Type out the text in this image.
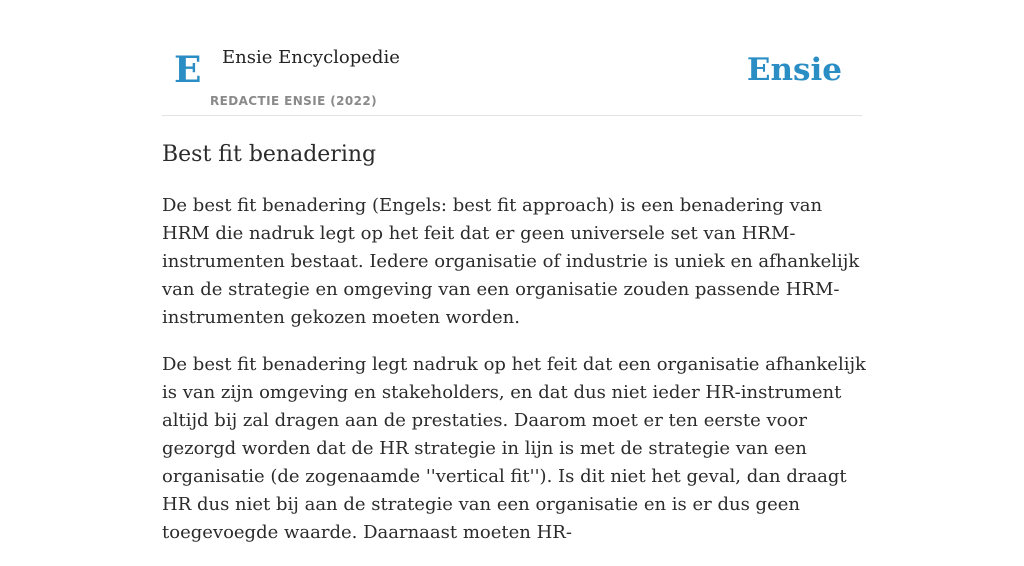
E Ensie Encyclopedie
REDACTIE ENSIE (2022)
Ensie
Best fit benadering

De best fit benadering (Engels: best fit approach) is een benadering van HRM die nadruk legt op het feit dat er geen universele set van HRM-instrumenten bestaat. Iedere organisatie of industrie is uniek en afhankelijk van de strategie en omgeving van een organisatie zouden passende HRM-instrumenten gekozen moeten worden.

De best fit benadering legt nadruk op het feit dat een organisatie afhankelijk is van zijn omgeving en stakeholders, en dat dus niet ieder HR-instrument altijd bij zal dragen aan de prestaties. Daarom moet er ten eerste voor gezorgd worden dat de HR strategie in lijn is met de strategie van een organisatie (de zogenaamde ''vertical fit''). Is dit niet het geval, dan draagt HR dus niet bij aan de strategie van een organisatie en is er dus geen toegevoegde waarde. Daarnaast moeten HR-
